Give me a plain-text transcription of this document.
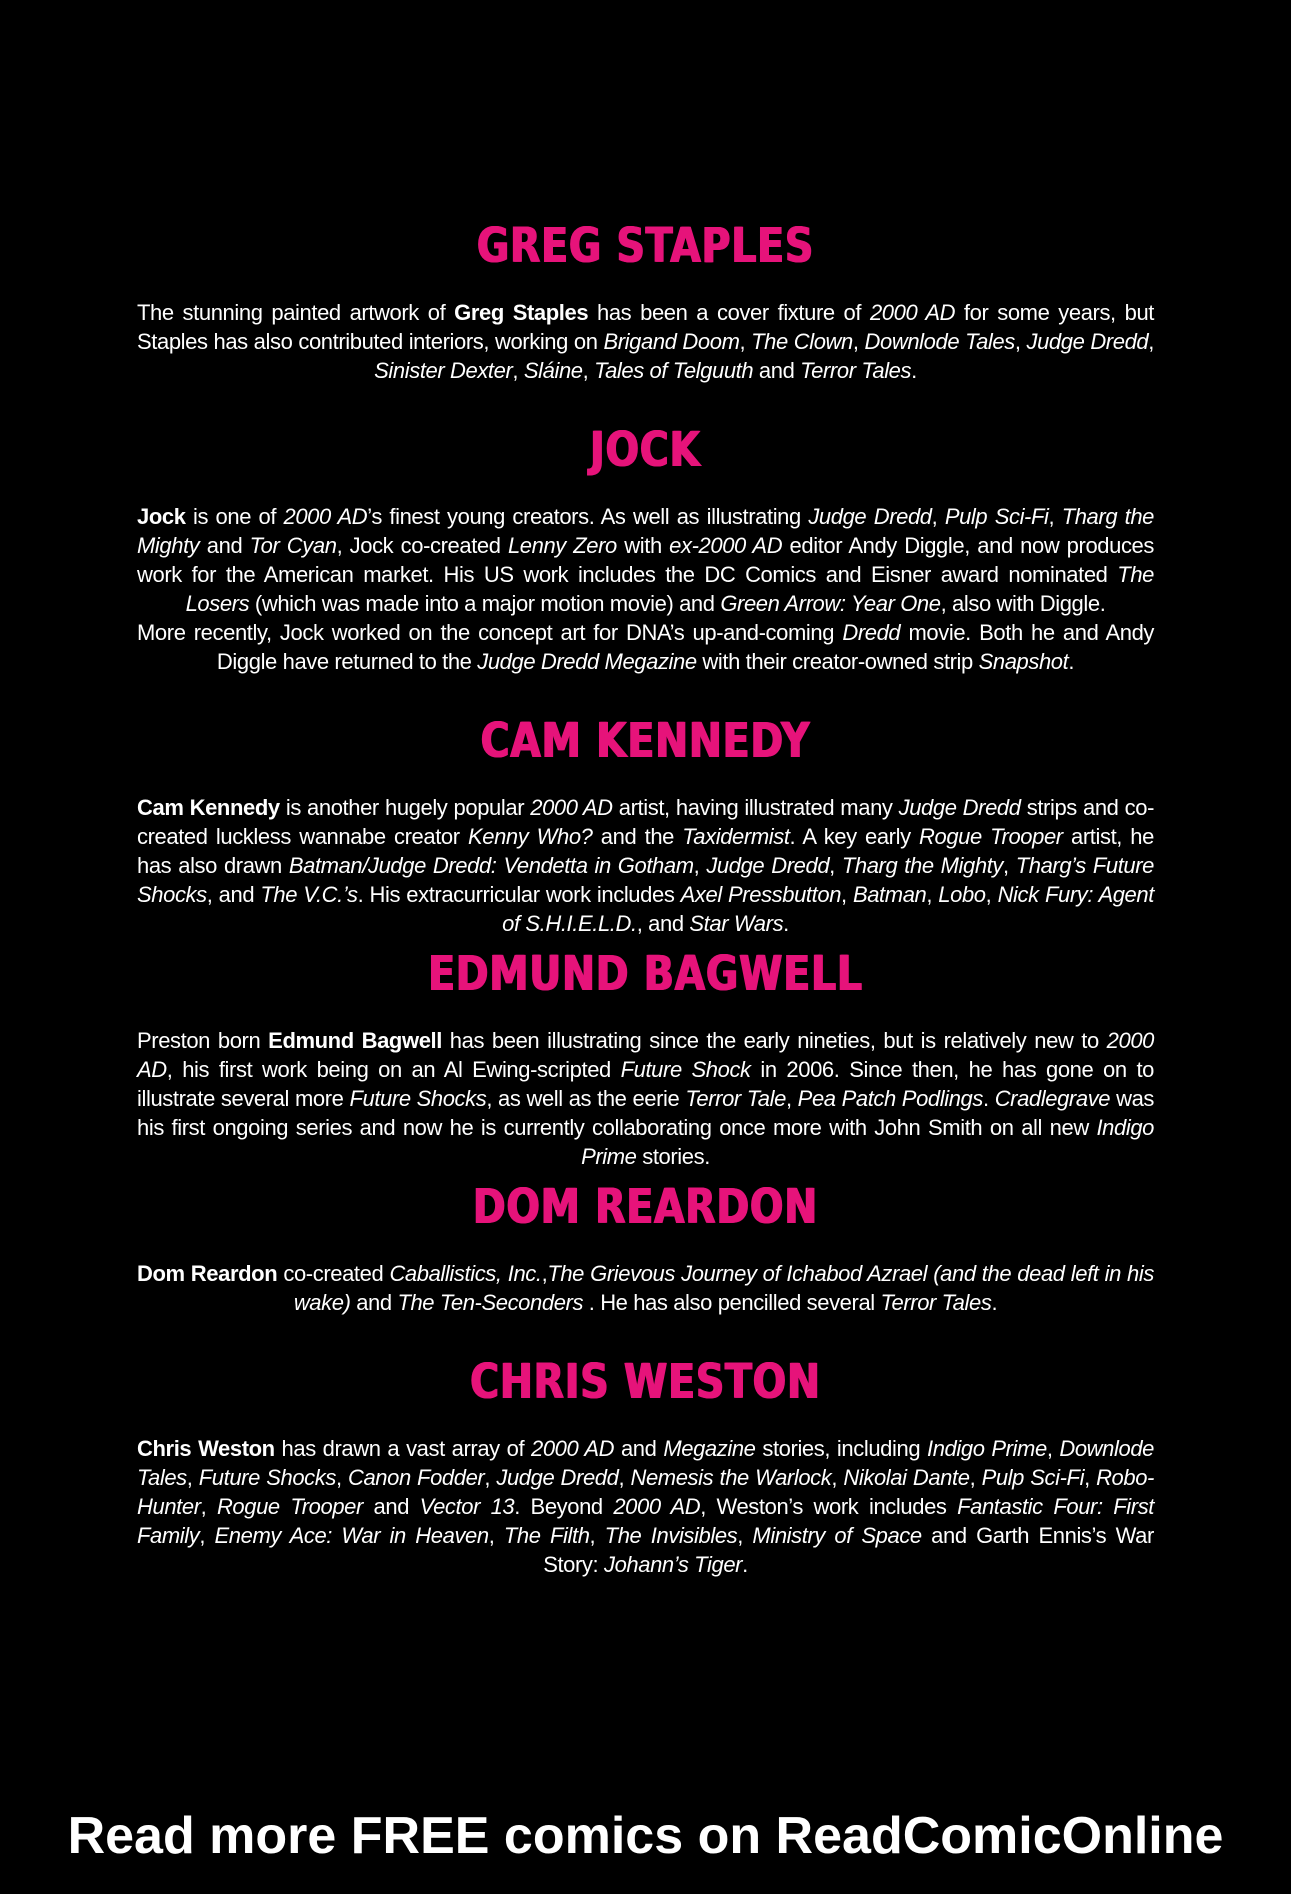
GREG STAPLES

The stunning painted artwork of Greg Staples has been a cover fixture of 2000 AD for some years, but Staples has also contributed interiors, working on Brigand Doom, The Clown, Downlode Tales, Judge Dredd, Sinister Dexter, Sláine, Tales of Telguuth and Terror Tales.

JOCK

Jock is one of 2000 AD’s finest young creators. As well as illustrating Judge Dredd, Pulp Sci-Fi, Tharg the Mighty and Tor Cyan, Jock co-created Lenny Zero with ex-2000 AD editor Andy Diggle, and now produces work for the American market. His US work includes the DC Comics and Eisner award nominated The Losers (which was made into a major motion movie) and Green Arrow: Year One, also with Diggle.
More recently, Jock worked on the concept art for DNA’s up-and-coming Dredd movie. Both he and Andy Diggle have returned to the Judge Dredd Megazine with their creator-owned strip Snapshot.

CAM KENNEDY

Cam Kennedy is another hugely popular 2000 AD artist, having illustrated many Judge Dredd strips and co-created luckless wannabe creator Kenny Who? and the Taxidermist. A key early Rogue Trooper artist, he has also drawn Batman/Judge Dredd: Vendetta in Gotham, Judge Dredd, Tharg the Mighty, Tharg’s Future Shocks, and The V.C.’s. His extracurricular work includes Axel Pressbutton, Batman, Lobo, Nick Fury: Agent of S.H.I.E.L.D., and Star Wars.

EDMUND BAGWELL

Preston born Edmund Bagwell has been illustrating since the early nineties, but is relatively new to 2000 AD, his first work being on an Al Ewing-scripted Future Shock in 2006. Since then, he has gone on to illustrate several more Future Shocks, as well as the eerie Terror Tale, Pea Patch Podlings. Cradlegrave was his first ongoing series and now he is currently collaborating once more with John Smith on all new Indigo Prime stories.

DOM REARDON

Dom Reardon co-created Caballistics, Inc.,The Grievous Journey of Ichabod Azrael (and the dead left in his wake) and The Ten-Seconders . He has also pencilled several Terror Tales.

CHRIS WESTON

Chris Weston has drawn a vast array of 2000 AD and Megazine stories, including Indigo Prime, Downlode Tales, Future Shocks, Canon Fodder, Judge Dredd, Nemesis the Warlock, Nikolai Dante, Pulp Sci-Fi, Robo-Hunter, Rogue Trooper and Vector 13. Beyond 2000 AD, Weston’s work includes Fantastic Four: First Family, Enemy Ace: War in Heaven, The Filth, The Invisibles, Ministry of Space and Garth Ennis’s War Story: Johann’s Tiger.

Read more FREE comics on ReadComicOnline
